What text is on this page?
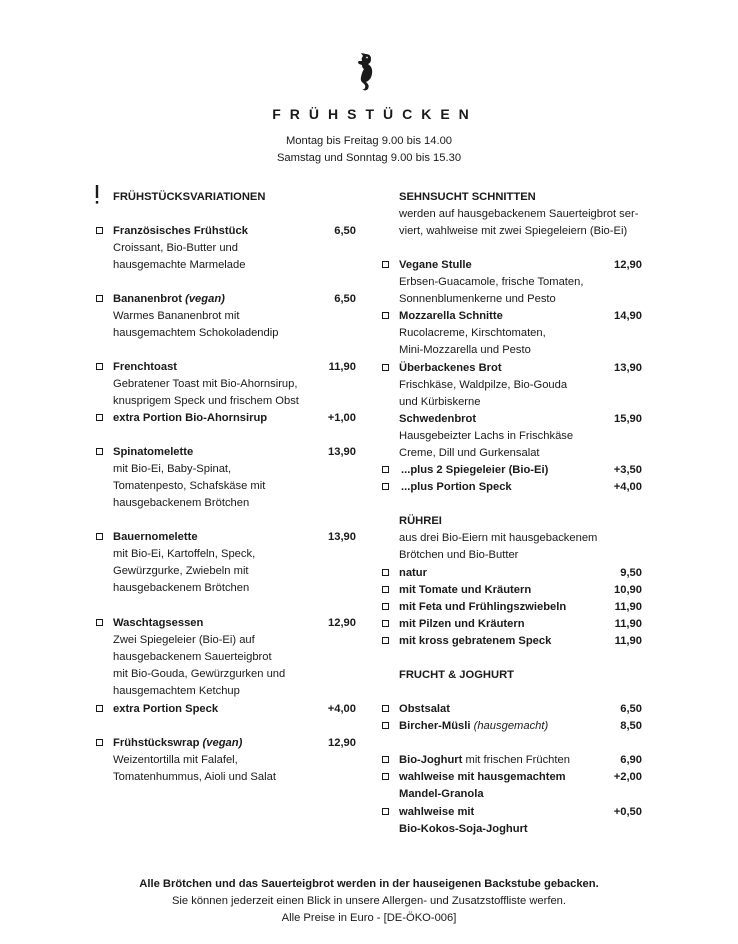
FRÜHSTÜCKEN
Montag bis Freitag 9.00 bis 14.00
Samstag und Sonntag 9.00 bis 15.30
FRÜHSTÜCKSVARIATIONEN
Französisches Frühstück	6,50
Croissant, Bio-Butter und
hausgemachte Marmelade
Bananenbrot (vegan)	6,50
Warmes Bananenbrot mit
hausgemachtem Schokoladendip
Frenchtoast	11,90
Gebratener Toast mit Bio-Ahornsirup,
knusprigem Speck und frischem Obst
extra Portion Bio-Ahornsirup	+1,00
Spinatomelette	13,90
mit Bio-Ei, Baby-Spinat,
Tomatenpesto, Schafskäse mit
hausgebackenem Brötchen
Bauernomelette	13,90
mit Bio-Ei, Kartoffeln, Speck,
Gewürzgurke, Zwiebeln mit
hausgebackenem Brötchen
Waschtagsessen	12,90
Zwei Spiegeleier (Bio-Ei) auf
hausgebackenem Sauerteigbrot
mit Bio-Gouda, Gewürzgurken und
hausgemachtem Ketchup
extra Portion Speck	+4,00
Frühstückswrap (vegan)	12,90
Weizentortilla mit Falafel,
Tomatenhummus, Aioli und Salat
SEHNSUCHT SCHNITTEN
werden auf hausgebackenem Sauerteigbrot ser-
viert, wahlweise mit zwei Spiegeleiern (Bio-Ei)
Vegane Stulle	12,90
Erbsen-Guacamole, frische Tomaten,
Sonnenblumenkerne und Pesto
Mozzarella Schnitte	14,90
Rucolacreme, Kirschtomaten,
Mini-Mozzarella und Pesto
Überbackenes Brot	13,90
Frischkäse, Waldpilze, Bio-Gouda
und Kürbiskerne
Schwedenbrot	15,90
Hausgebeizter Lachs in Frischkäse
Creme, Dill und Gurkensalat
...plus 2 Spiegeleier (Bio-Ei)	+3,50
...plus Portion Speck	+4,00
RÜHREI
aus drei Bio-Eiern mit hausgebackenem
Brötchen und Bio-Butter
natur	9,50
mit Tomate und Kräutern	10,90
mit Feta und Frühlingszwiebeln	11,90
mit Pilzen und Kräutern	11,90
mit kross gebratenem Speck	11,90
FRUCHT & JOGHURT
Obstsalat	6,50
Bircher-Müsli (hausgemacht)	8,50
Bio-Joghurt mit frischen Früchten	6,90
wahlweise mit hausgemachtem	+2,00
Mandel-Granola
wahlweise mit	+0,50
Bio-Kokos-Soja-Joghurt
Alle Brötchen und das Sauerteigbrot werden in der hauseigenen Backstube gebacken.
Sie können jederzeit einen Blick in unsere Allergen- und Zusatzstoffliste werfen.
Alle Preise in Euro - [DE-ÖKO-006]
